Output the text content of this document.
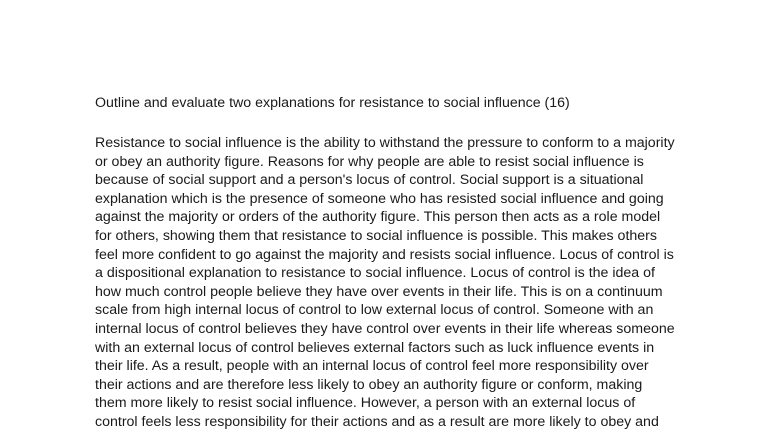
Outline and evaluate two explanations for resistance to social influence (16)
Resistance to social influence is the ability to withstand the pressure to conform to a majority
or obey an authority figure. Reasons for why people are able to resist social influence is
because of social support and a person's locus of control. Social support is a situational
explanation which is the presence of someone who has resisted social influence and going
against the majority or orders of the authority figure. This person then acts as a role model
for others, showing them that resistance to social influence is possible. This makes others
feel more confident to go against the majority and resists social influence. Locus of control is
a dispositional explanation to resistance to social influence. Locus of control is the idea of
how much control people believe they have over events in their life. This is on a continuum
scale from high internal locus of control to low external locus of control. Someone with an
internal locus of control believes they have control over events in their life whereas someone
with an external locus of control believes external factors such as luck influence events in
their life. As a result, people with an internal locus of control feel more responsibility over
their actions and are therefore less likely to obey an authority figure or conform, making
them more likely to resist social influence. However, a person with an external locus of
control feels less responsibility for their actions and as a result are more likely to obey and
